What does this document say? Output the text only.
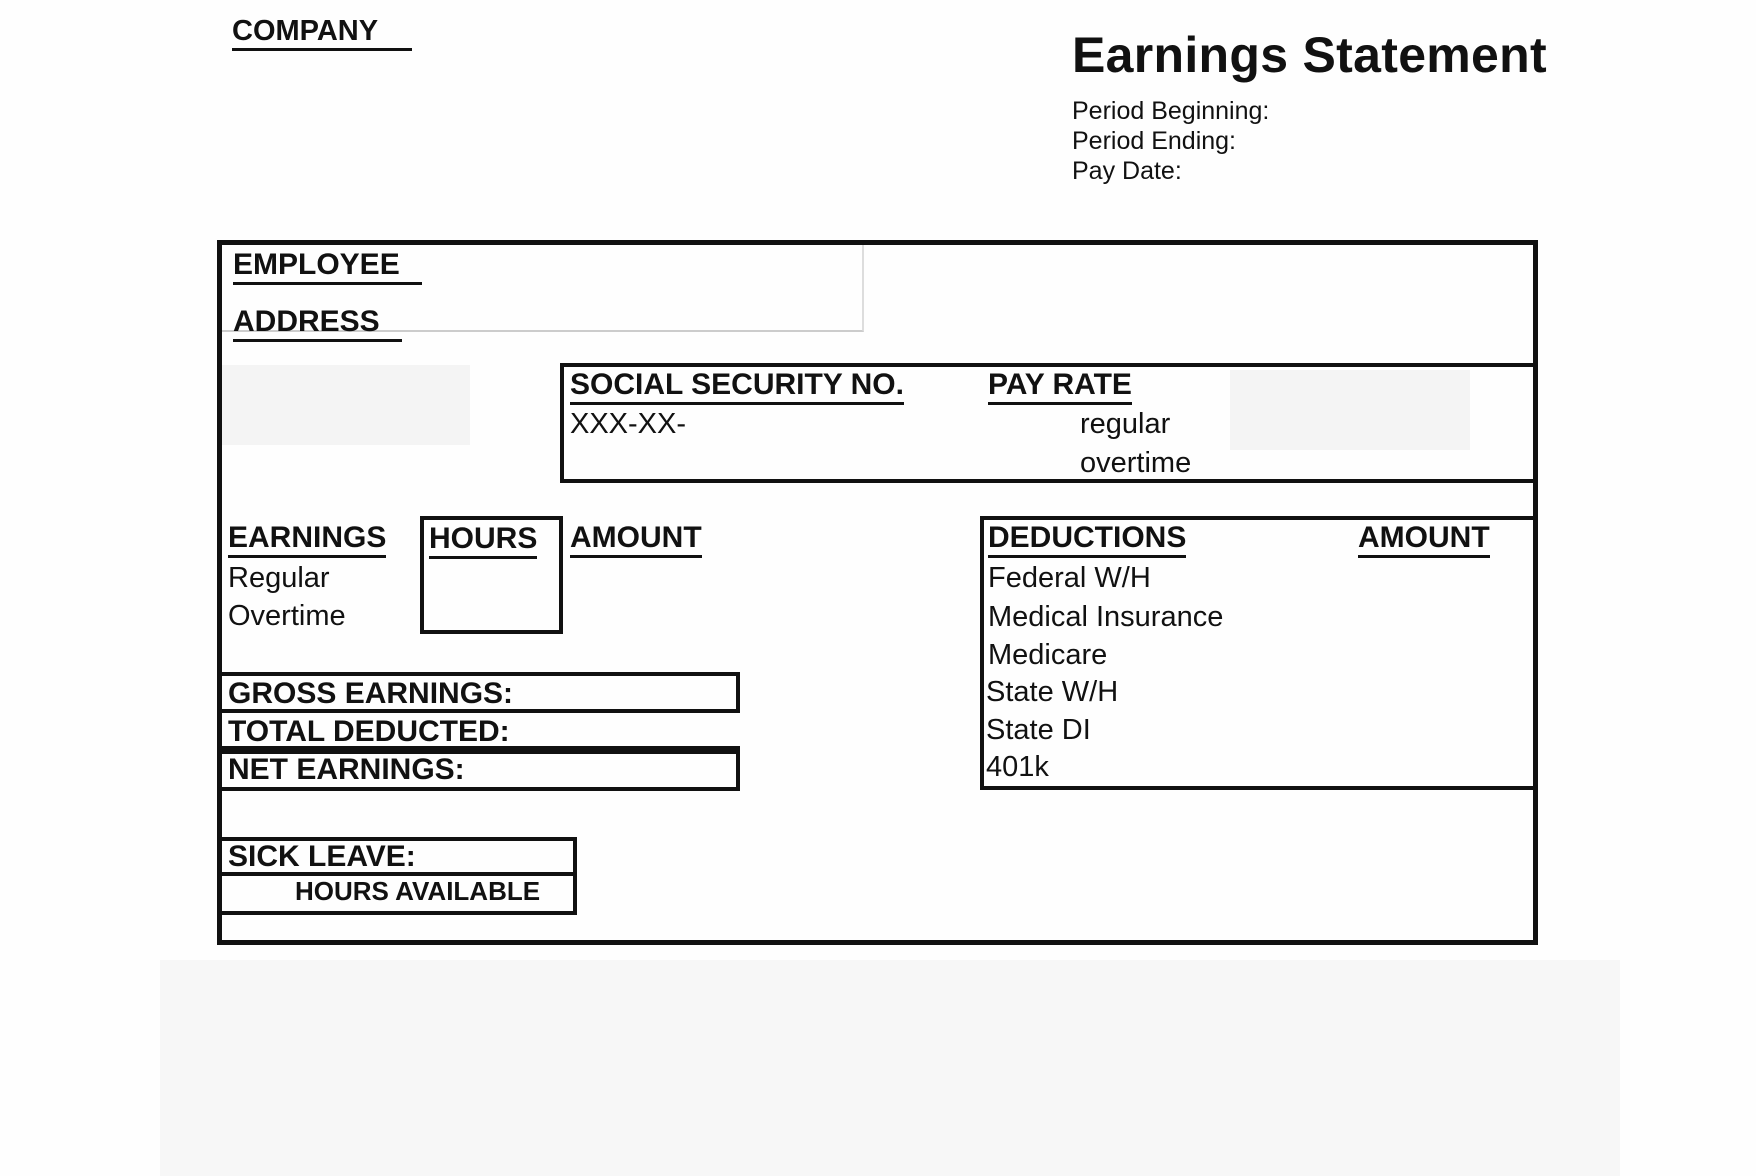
COMPANY	Earnings Statement
Period Beginning:
Period Ending:
Pay Date:
EMPLOYEE
ADDRESS
SOCIAL SECURITY NO.
XXX-XX-
PAY RATE
regular
overtime
EARNINGS HOURS AMOUNT
Regular
Overtime
GROSS EARNINGS:
TOTAL DEDUCTED:
NET EARNINGS:
SICK LEAVE:
HOURS AVAILABLE
DEDUCTIONS	AMOUNT
Federal W/H
Medical Insurance
Medicare
State W/H
State DI
401k
